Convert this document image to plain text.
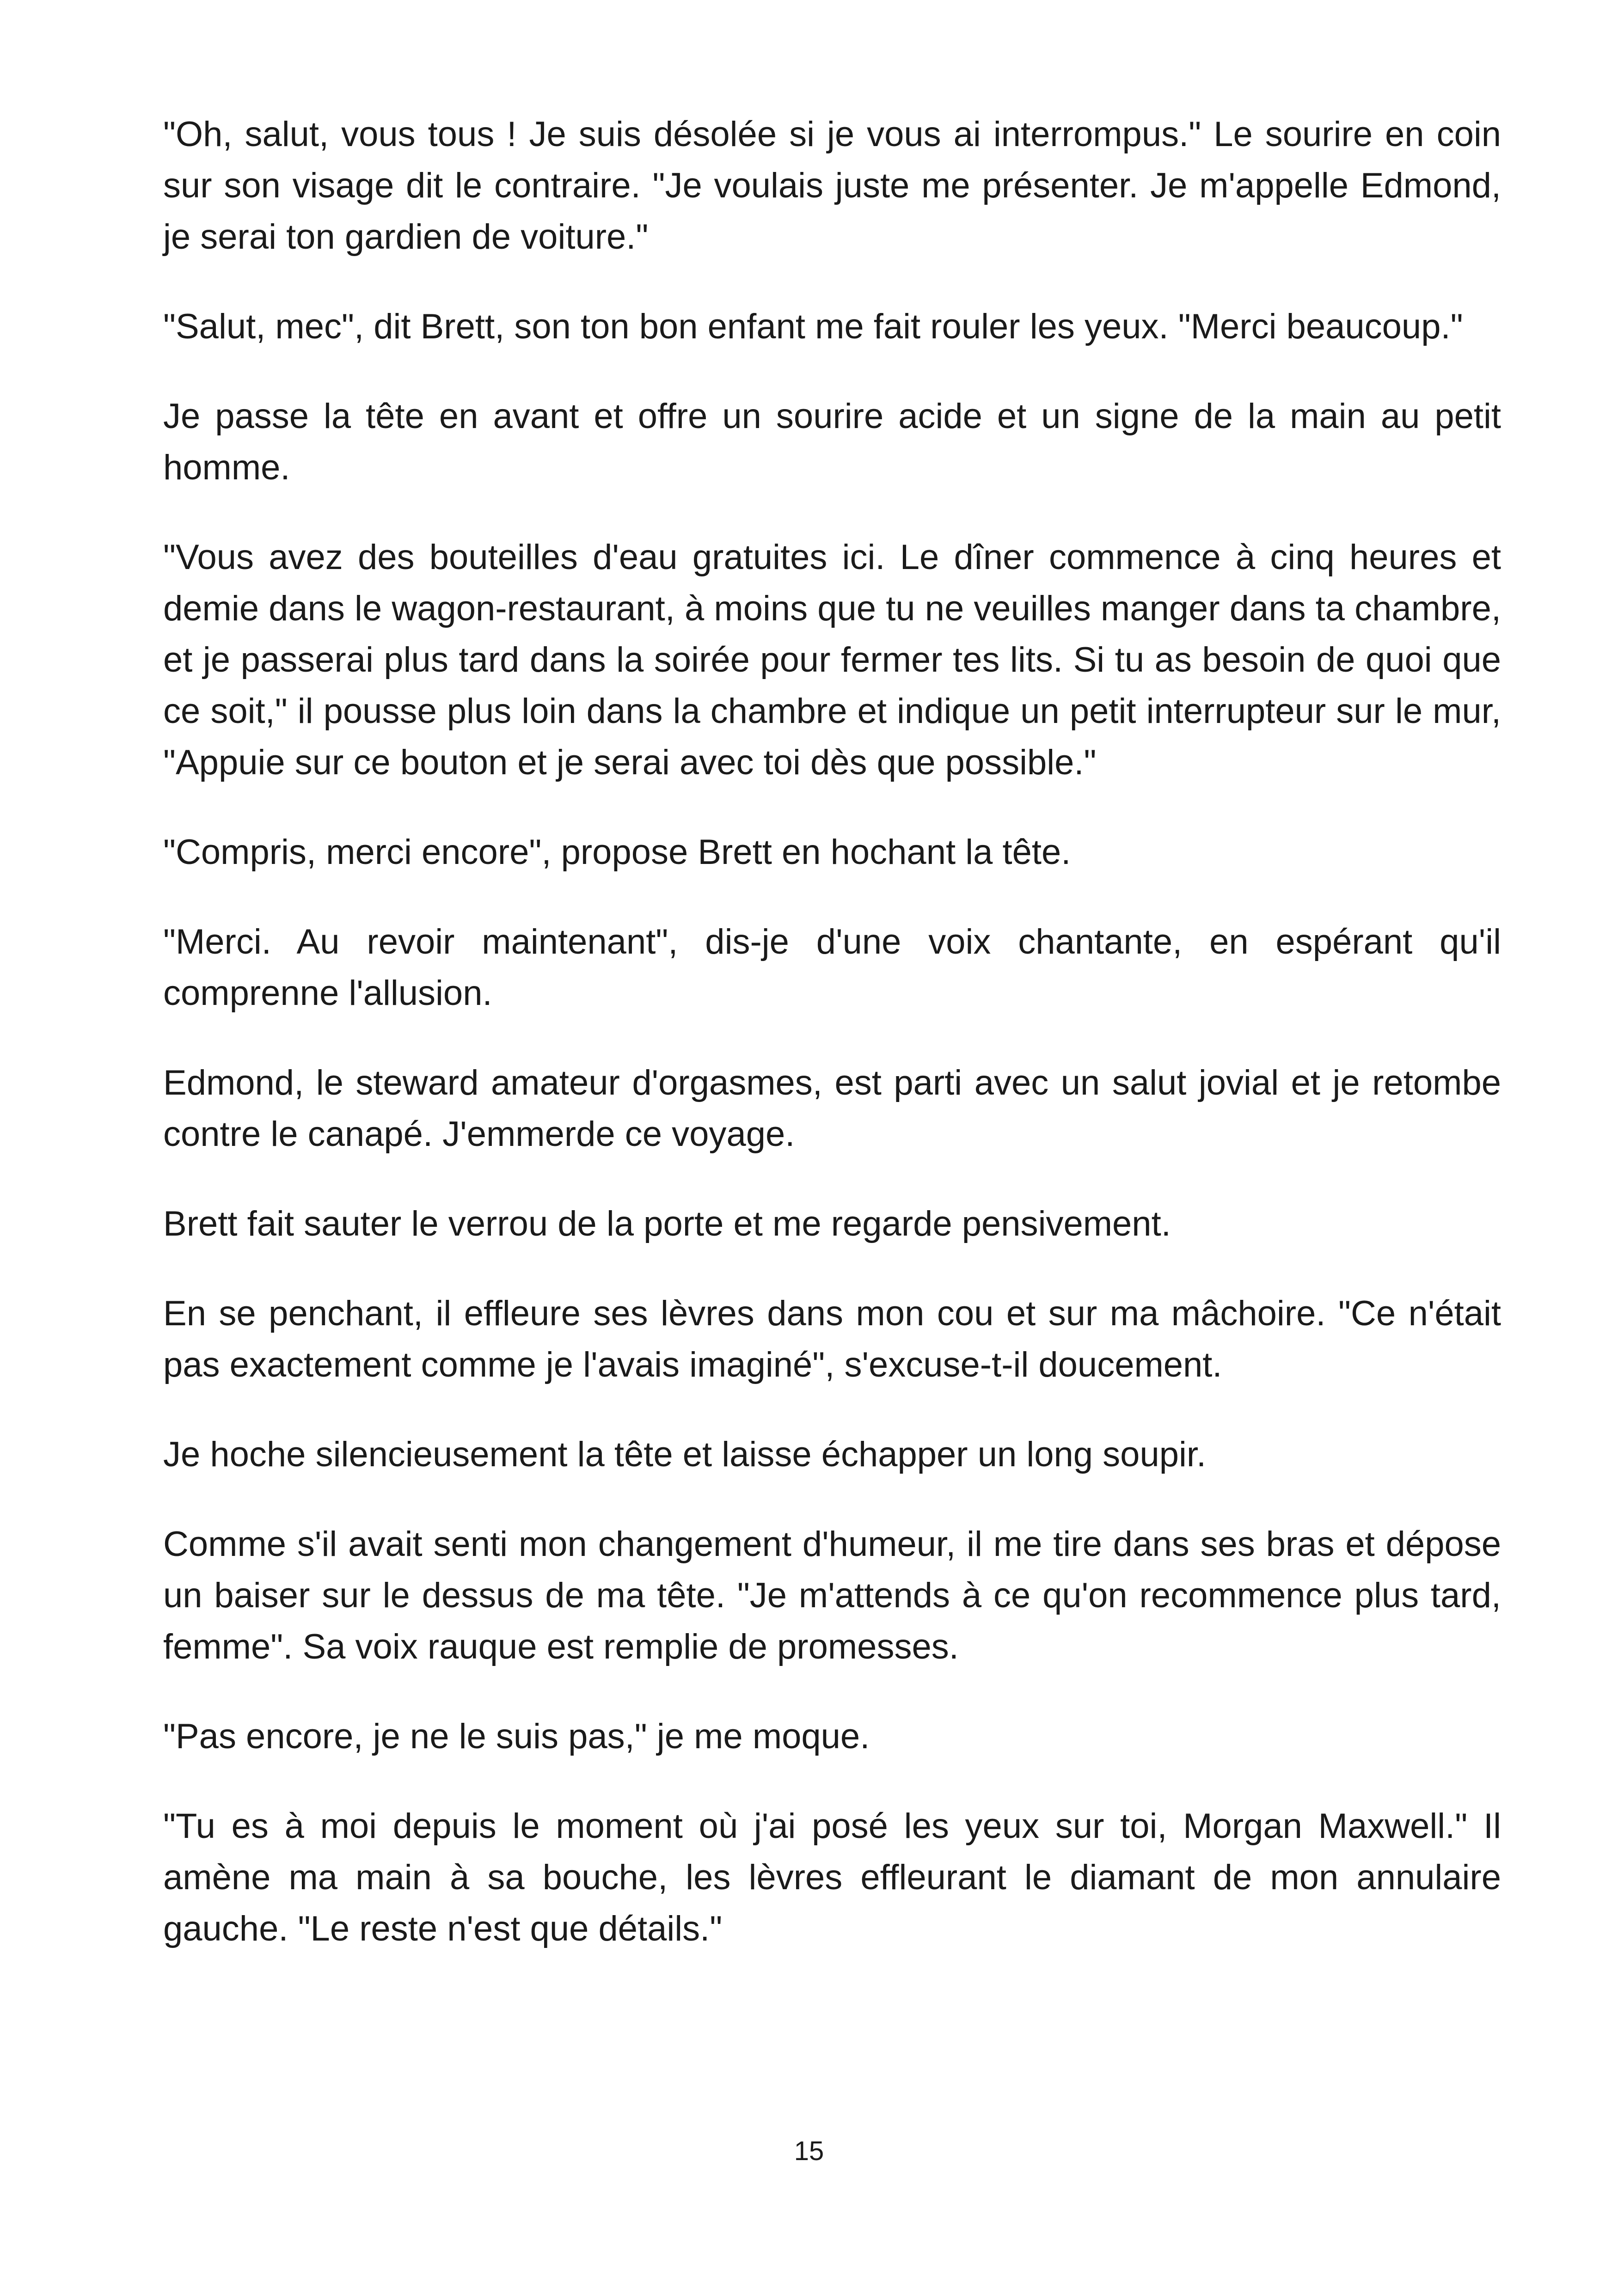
"Oh, salut, vous tous ! Je suis désolée si je vous ai interrompus." Le sourire en coin sur son visage dit le contraire. "Je voulais juste me présenter. Je m'appelle Edmond, je serai ton gardien de voiture."

"Salut, mec", dit Brett, son ton bon enfant me fait rouler les yeux. "Merci beaucoup."

Je passe la tête en avant et offre un sourire acide et un signe de la main au petit homme.

"Vous avez des bouteilles d'eau gratuites ici. Le dîner commence à cinq heures et demie dans le wagon-restaurant, à moins que tu ne veuilles manger dans ta chambre, et je passerai plus tard dans la soirée pour fermer tes lits. Si tu as besoin de quoi que ce soit," il pousse plus loin dans la chambre et indique un petit interrupteur sur le mur, "Appuie sur ce bouton et je serai avec toi dès que possible."

"Compris, merci encore", propose Brett en hochant la tête.

"Merci. Au revoir maintenant", dis-je d'une voix chantante, en espérant qu'il comprenne l'allusion.

Edmond, le steward amateur d'orgasmes, est parti avec un salut jovial et je retombe contre le canapé. J'emmerde ce voyage.

Brett fait sauter le verrou de la porte et me regarde pensivement.

En se penchant, il effleure ses lèvres dans mon cou et sur ma mâchoire. "Ce n'était pas exactement comme je l'avais imaginé", s'excuse-t-il doucement.

Je hoche silencieusement la tête et laisse échapper un long soupir.

Comme s'il avait senti mon changement d'humeur, il me tire dans ses bras et dépose un baiser sur le dessus de ma tête. "Je m'attends à ce qu'on recommence plus tard, femme". Sa voix rauque est remplie de promesses.

"Pas encore, je ne le suis pas," je me moque.

"Tu es à moi depuis le moment où j'ai posé les yeux sur toi, Morgan Maxwell." Il amène ma main à sa bouche, les lèvres effleurant le diamant de mon annulaire gauche. "Le reste n'est que détails."

15
